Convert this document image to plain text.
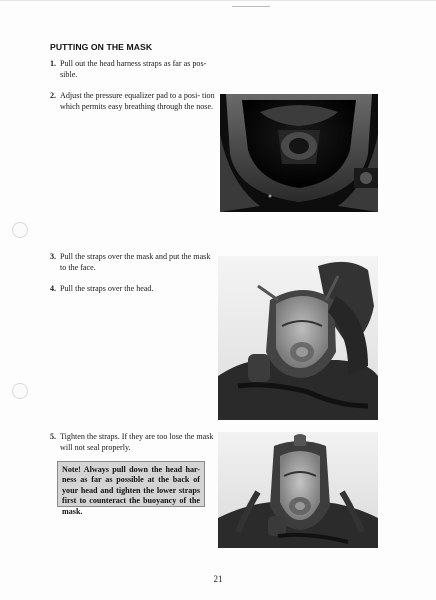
PUTTING ON THE MASK
1. Pull out the head harness straps as far as pos- sible.
2. Adjust the pressure equalizer pad to a posi- tion which permits easy breathing through the nose.
3. Pull the straps over the mask and put the mask to the face.
4. Pull the straps over the head.
5. Tighten the straps. If they are too lose the mask will not seal properly.
Note! Always pull down the head har- ness as far as possible at the back of your head and tighten the lower straps first to counteract the buoyancy of the mask.
21
